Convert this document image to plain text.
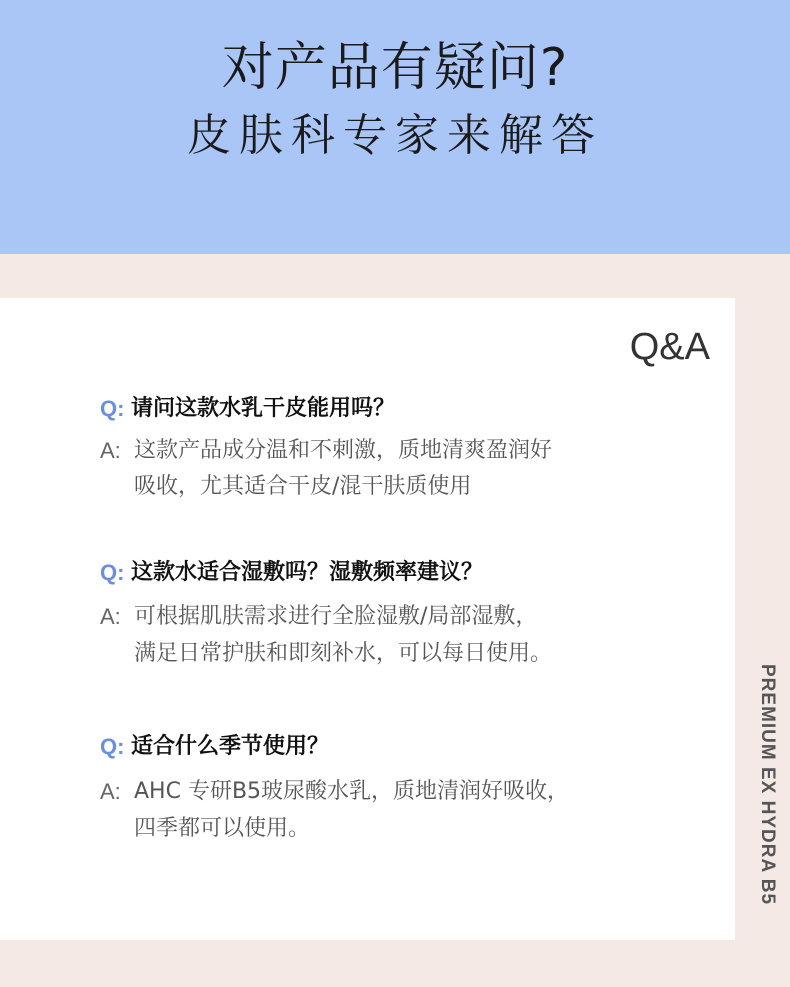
对产品有疑问?
皮肤科专家来解答
Q&A
Q: 请问这款水乳干皮能用吗？
A: 这款产品成分温和不刺激，质地清爽盈润好
吸收，尤其适合干皮/混干肤质使用
Q: 这款水适合湿敷吗？湿敷频率建议？
A: 可根据肌肤需求进行全脸湿敷/局部湿敷，
满足日常护肤和即刻补水，可以每日使用。
Q: 适合什么季节使用？
A: AHC 专研B5玻尿酸水乳，质地清润好吸收，
四季都可以使用。	PREMIUM EX HYDRA B5
